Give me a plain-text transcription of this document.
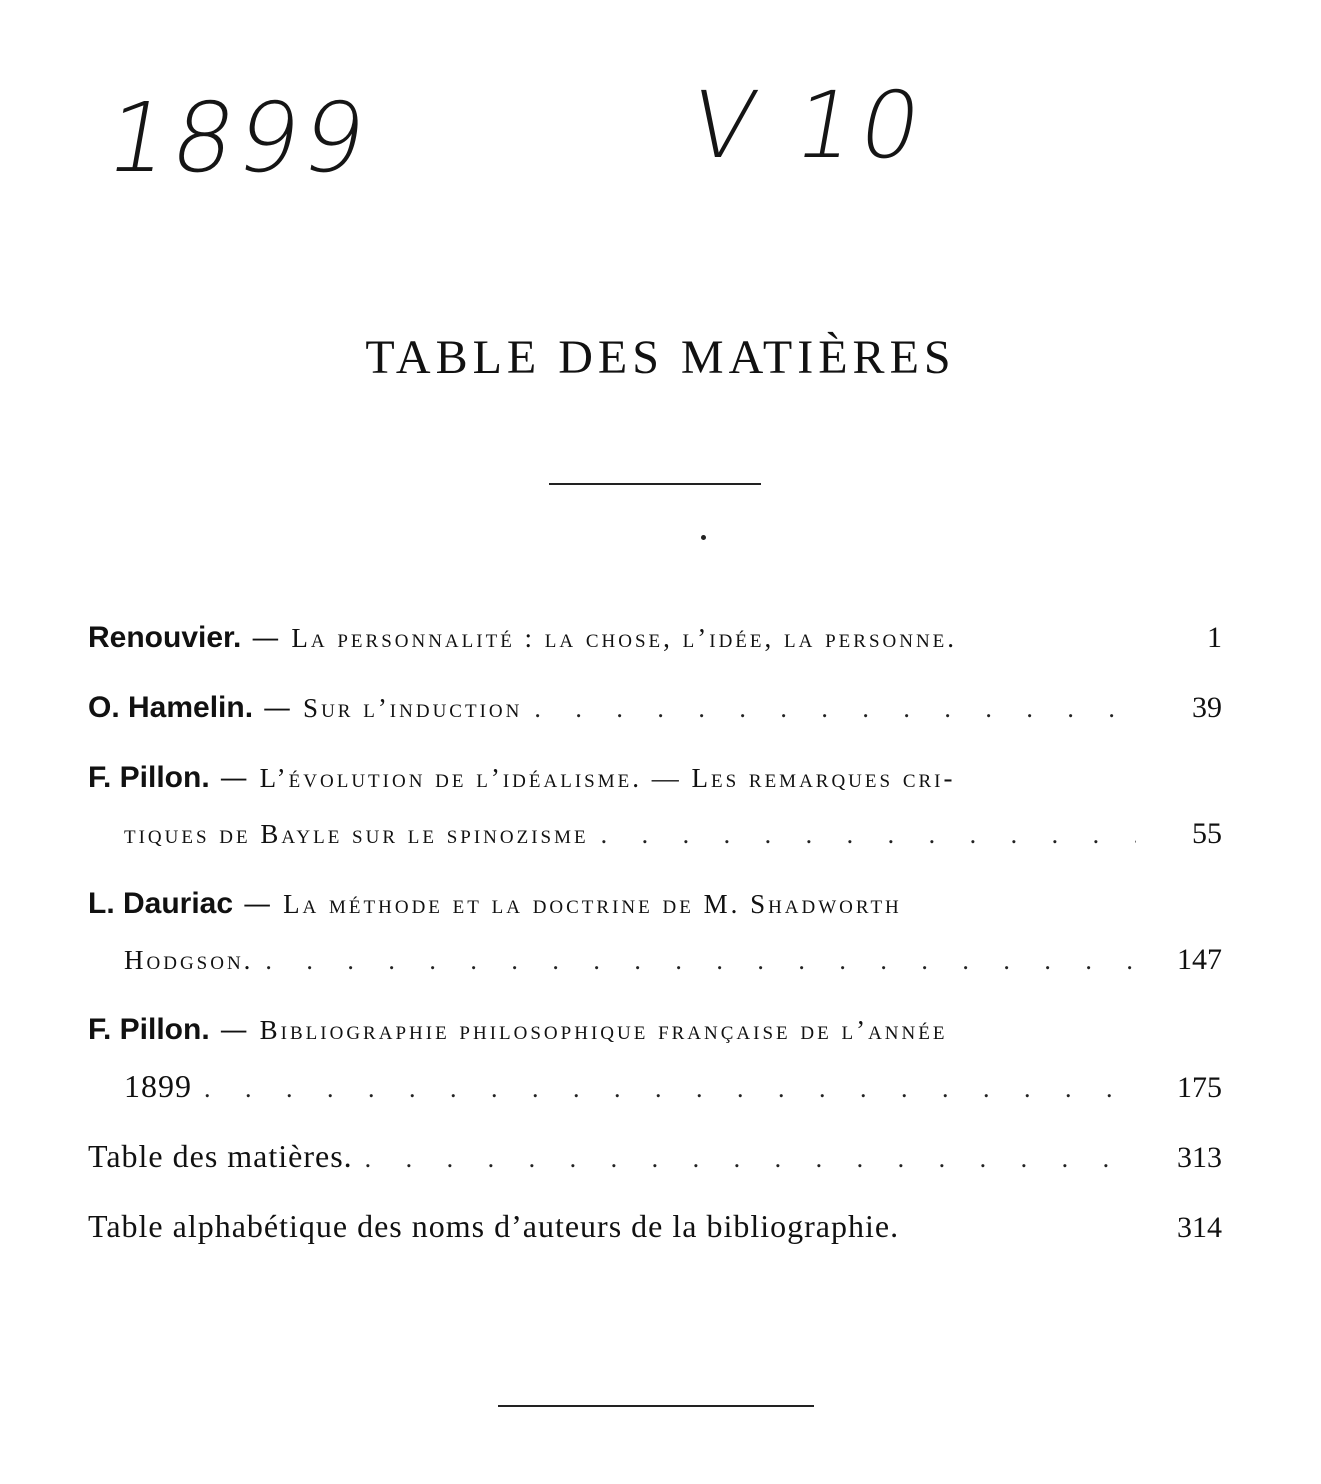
1899	V 10
TABLE DES MATIÈRES
Renouvier. — La personnalité : la chose, l’idée, la personne.	1
O. Hamelin. — Sur l’induction . . .	39
F. Pillon. — L’évolution de l’idéalisme. — Les remarques cri-
tiques de Bayle sur le spinozisme . . .	55
L. Dauriac — La méthode et la doctrine de M. Shadworth
Hodgson. . . .	147
F. Pillon. — Bibliographie philosophique française de l’année
1899 . . .	175
Table des matières. . . .	313
Table alphabétique des noms d’auteurs de la bibliographie.	314
